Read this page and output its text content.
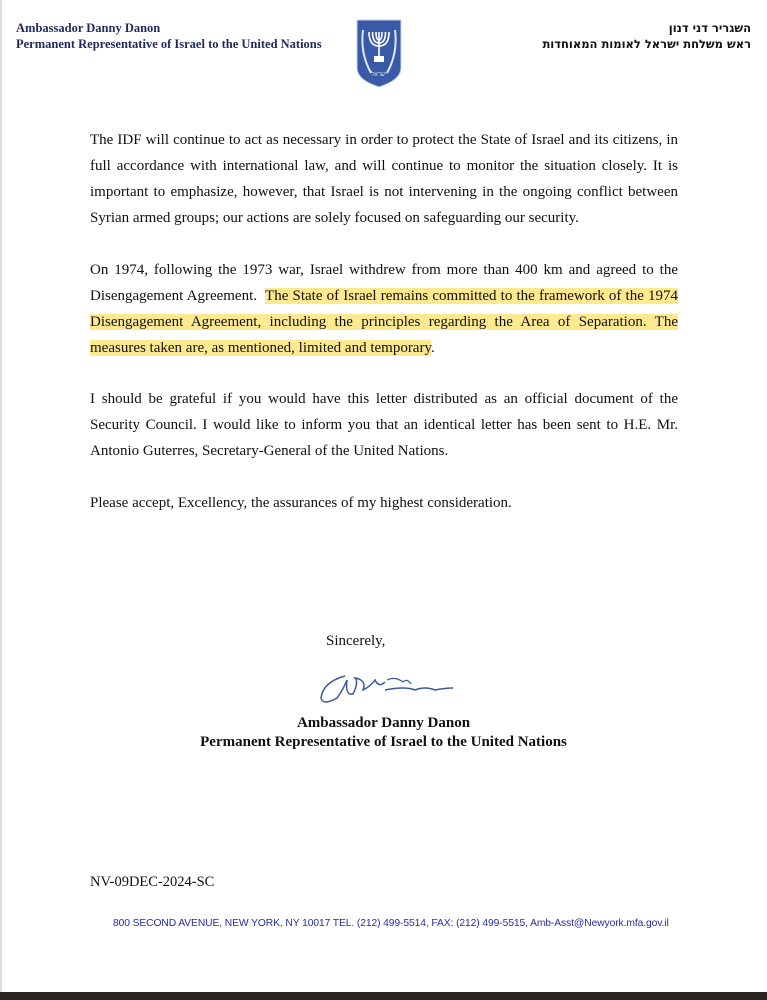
Ambassador Danny Danon
Permanent Representative of Israel to the United Nations
ישראל
השגריר דני דנון
ראש משלחת ישראל לאומות המאוחדות
The IDF will continue to act as necessary in order to protect the State of Israel and its citizens, in full accordance with international law, and will continue to monitor the situation closely. It is important to emphasize, however, that Israel is not intervening in the ongoing conflict between Syrian armed groups; our actions are solely focused on safeguarding our security.
On 1974, following the 1973 war, Israel withdrew from more than 400 km and agreed to the Disengagement Agreement. The State of Israel remains committed to the framework of the 1974 Disengagement Agreement, including the principles regarding the Area of Separation. The measures taken are, as mentioned, limited and temporary.
I should be grateful if you would have this letter distributed as an official document of the Security Council. I would like to inform you that an identical letter has been sent to H.E. Mr. Antonio Guterres, Secretary-General of the United Nations.
Please accept, Excellency, the assurances of my highest consideration.
Sincerely,
Ambassador Danny Danon
Permanent Representative of Israel to the United Nations
NV-09DEC-2024-SC
800 SECOND AVENUE, NEW YORK, NY 10017 TEL. (212) 499-5514, FAX: (212) 499-5515, Amb-Asst@Newyork.mfa.gov.il
